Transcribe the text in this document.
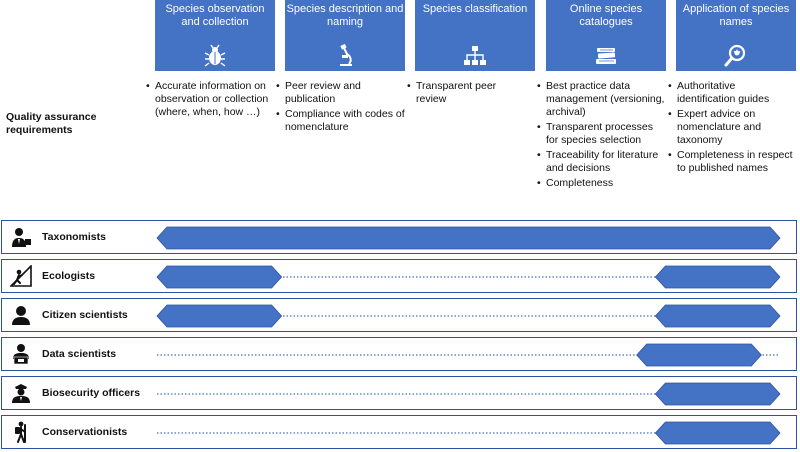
Species observation and collection
Species description and naming
Species classification	Online species catalogues
Application of species names
Quality assurance requirements
• Accurate information on observation or collection (where, when, how …)
• Peer review and publication
• Compliance with codes of nomenclature
• Transparent peer review
• Best practice data management (versioning, archival)
• Transparent processes for species selection
• Traceability for literature and decisions
• Completeness
• Authoritative identification guides
• Expert advice on nomenclature and taxonomy
• Completeness in respect to published names
Taxonomists
Ecologists
Citizen scientists
Data scientists
Biosecurity officers
Conservationists
